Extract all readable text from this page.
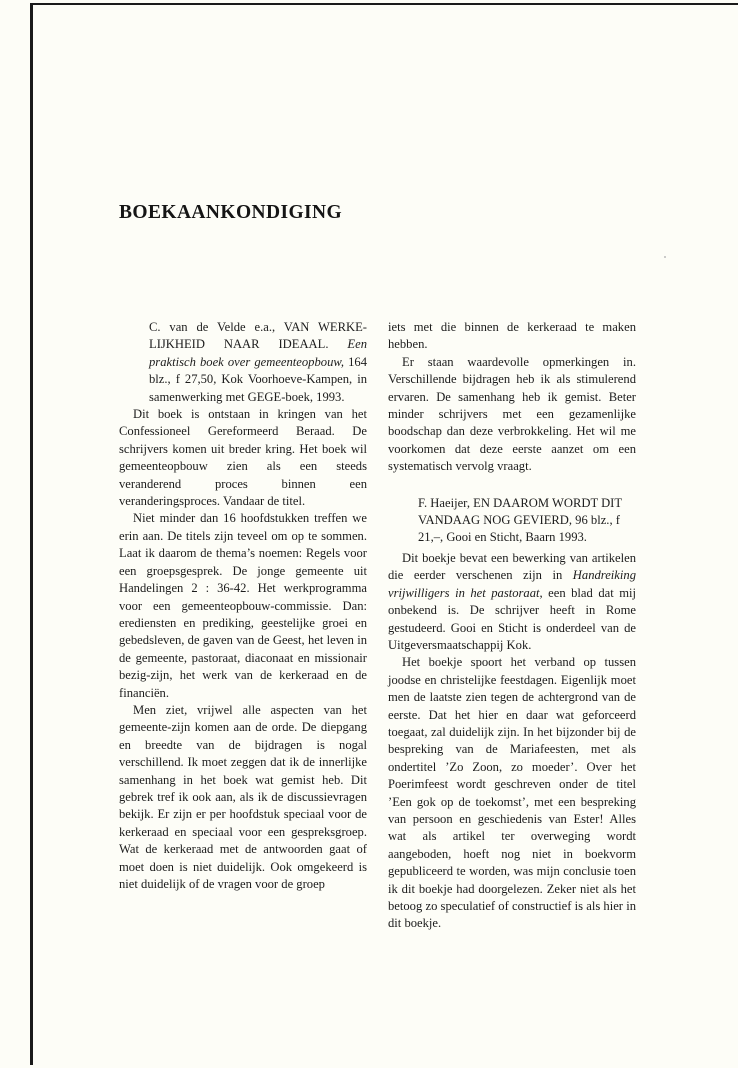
BOEKAANKONDIGING

C. van de Velde e.a., VAN WERKE-LIJKHEID NAAR IDEAAL. Een praktisch boek over gemeenteopbouw, 164 blz., f 27,50, Kok Voorhoeve-Kampen, in samenwerking met GEGE-boek, 1993.

Dit boek is ontstaan in kringen van het Confessioneel Gereformeerd Beraad. De schrijvers komen uit breder kring. Het boek wil gemeenteopbouw zien als een steeds veranderend proces binnen een veranderingsproces. Vandaar de titel.

Niet minder dan 16 hoofdstukken treffen we erin aan. De titels zijn teveel om op te sommen. Laat ik daarom de thema’s noemen: Regels voor een groepsgesprek. De jonge gemeente uit Handelingen 2 : 36-42. Het werkprogramma voor een gemeenteopbouw-commissie. Dan: erediensten en prediking, geestelijke groei en gebedsleven, de gaven van de Geest, het leven in de gemeente, pastoraat, diaconaat en missionair bezig-zijn, het werk van de kerkeraad en de financiën.

Men ziet, vrijwel alle aspecten van het gemeente-zijn komen aan de orde. De diepgang en breedte van de bijdragen is nogal verschillend. Ik moet zeggen dat ik de innerlijke samenhang in het boek wat gemist heb. Dit gebrek tref ik ook aan, als ik de discussievragen bekijk. Er zijn er per hoofdstuk speciaal voor de kerkeraad en speciaal voor een gespreksgroep. Wat de kerkeraad met de antwoorden gaat of moet doen is niet duidelijk. Ook omgekeerd is niet duidelijk of de vragen voor de groep

iets met die binnen de kerkeraad te maken hebben.

Er staan waardevolle opmerkingen in. Verschillende bijdragen heb ik als stimulerend ervaren. De samenhang heb ik gemist. Beter minder schrijvers met een gezamenlijke boodschap dan deze verbrokkeling. Het wil me voorkomen dat deze eerste aanzet om een systematisch vervolg vraagt.

F. Haeijer, EN DAAROM WORDT DIT VANDAAG NOG GEVIERD, 96 blz., f 21,–, Gooi en Sticht, Baarn 1993.

Dit boekje bevat een bewerking van artikelen die eerder verschenen zijn in Handreiking vrijwilligers in het pastoraat, een blad dat mij onbekend is. De schrijver heeft in Rome gestudeerd. Gooi en Sticht is onderdeel van de Uitgeversmaatschappij Kok.

Het boekje spoort het verband op tussen joodse en christelijke feestdagen. Eigenlijk moet men de laatste zien tegen de achtergrond van de eerste. Dat het hier en daar wat geforceerd toegaat, zal duidelijk zijn. In het bijzonder bij de bespreking van de Mariafeesten, met als ondertitel ’Zo Zoon, zo moeder’. Over het Poerimfeest wordt geschreven onder de titel ’Een gok op de toekomst’, met een bespreking van persoon en geschiedenis van Ester! Alles wat als artikel ter overweging wordt aangeboden, hoeft nog niet in boekvorm gepubliceerd te worden, was mijn conclusie toen ik dit boekje had doorgelezen. Zeker niet als het betoog zo speculatief of constructief is als hier in dit boekje.
